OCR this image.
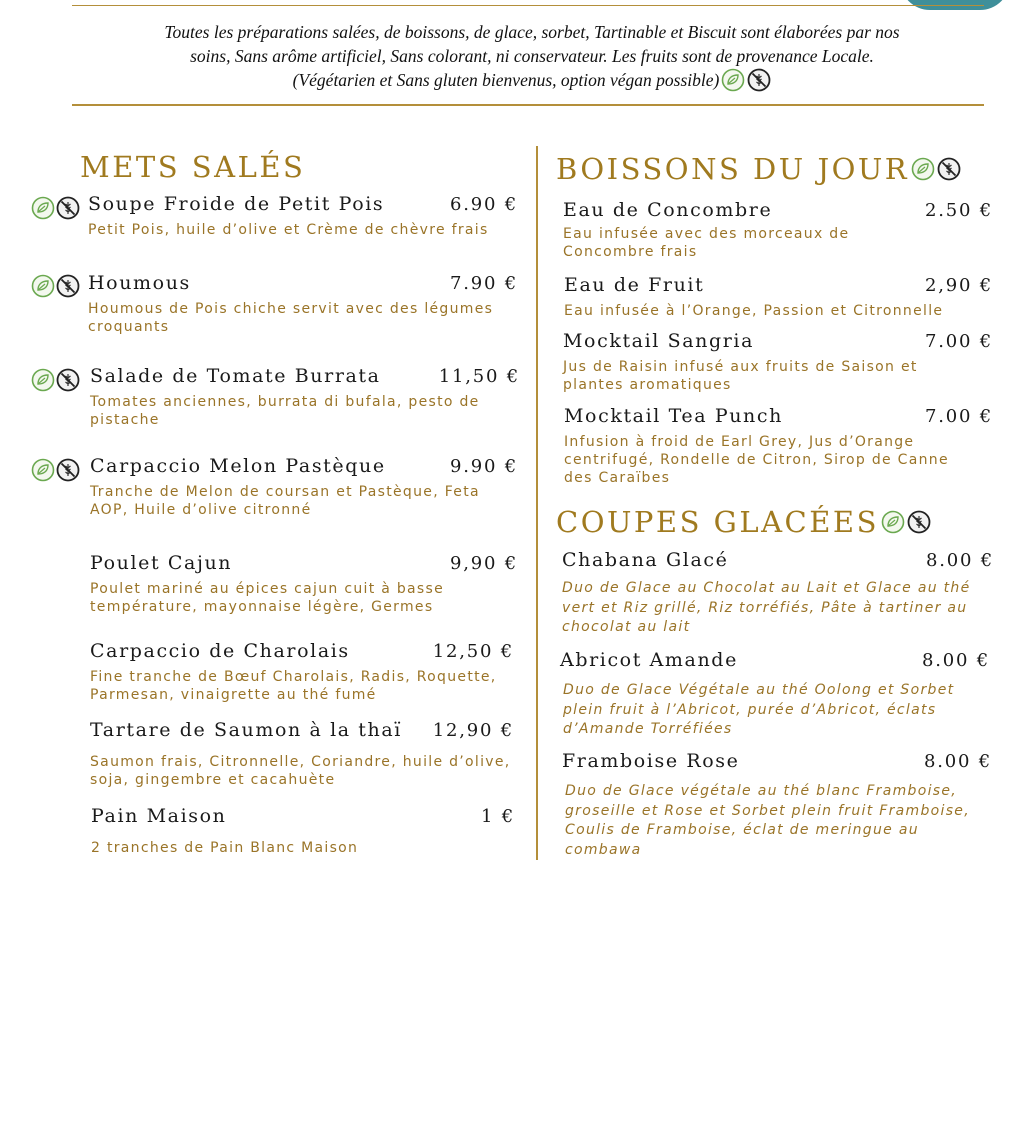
Toutes les préparations salées, de boissons, de glace, sorbet, Tartinable et Biscuit sont élaborées par nos
soins, Sans arôme artificiel, Sans colorant, ni conservateur. Les fruits sont de provenance Locale.
(Végétarien et Sans gluten bienvenus, option végan possible)
METS SALÉS
Soupe Froide de Petit Pois	6.90 €
Petit Pois, huile d’olive et Crème de chèvre frais
Houmous	7.90 €
Houmous de Pois chiche servit avec des légumes croquants
Salade de Tomate Burrata	11,50 €
Tomates anciennes, burrata di bufala, pesto de pistache
Carpaccio Melon Pastèque	9.90 €
Tranche de Melon de coursan et Pastèque, Feta AOP, Huile d’olive citronné
Poulet Cajun	9,90 €
Poulet mariné au épices cajun cuit à basse température, mayonnaise légère, Germes
Carpaccio de Charolais	12,50 €
Fine tranche de Bœuf Charolais, Radis, Roquette, Parmesan, vinaigrette au thé fumé
Tartare de Saumon à la thaï 12,90 €
Saumon frais, Citronnelle, Coriandre, huile d’olive, soja, gingembre et cacahuète
Pain Maison	1 €
2 tranches de Pain Blanc Maison
BOISSONS DU JOUR
Eau de Concombre	2.50 €
Eau infusée avec des morceaux de Concombre frais
Eau de Fruit	2,90 €
Eau infusée à l’Orange, Passion et Citronnelle
Mocktail Sangria	7.00 €
Jus de Raisin infusé aux fruits de Saison et plantes aromatiques
Mocktail Tea Punch	7.00 €
Infusion à froid de Earl Grey, Jus d’Orange centrifugé, Rondelle de Citron, Sirop de Canne des Caraïbes
COUPES GLACÉES
Chabana Glacé	8.00 €
Duo de Glace au Chocolat au Lait et Glace au thé vert et Riz grillé, Riz torréfiés, Pâte à tartiner au chocolat au lait
Abricot Amande	8.00 €
Duo de Glace Végétale au thé Oolong et Sorbet plein fruit à l’Abricot, purée d’Abricot, éclats d’Amande Torréfiées
Framboise Rose	8.00 €
Duo de Glace végétale au thé blanc Framboise, groseille et Rose et Sorbet plein fruit Framboise, Coulis de Framboise, éclat de meringue au combawa
